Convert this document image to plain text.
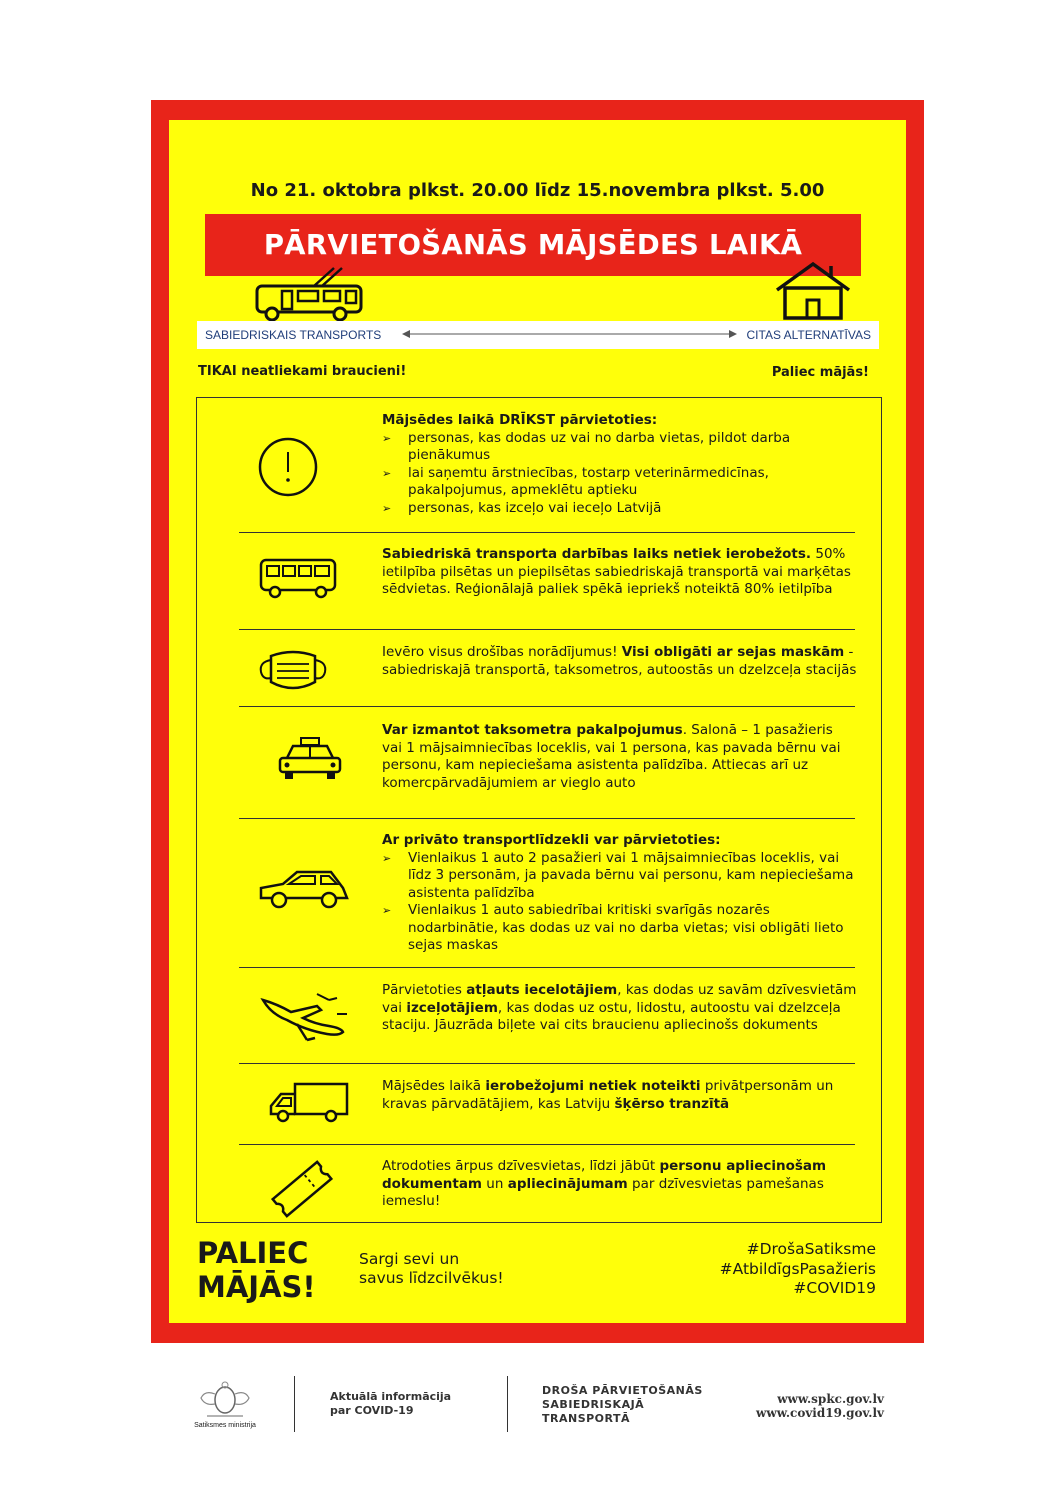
No 21. oktobra plkst. 20.00 līdz 15.novembra plkst. 5.00
PĀRVIETOŠANĀS MĀJSĒDES LAIKĀ
SABIEDRISKAIS TRANSPORTS	CITAS ALTERNATĪVAS
TIKAI neatliekami braucieni!	Paliec mājās!
Mājsēdes laikā DRĪKST pārvietoties:
➢ personas, kas dodas uz vai no darba vietas, pildot darba pienākumus
➢ lai saņemtu ārstniecības, tostarp veterinārmedicīnas, pakalpojumus, apmeklētu aptieku
➢ personas, kas izceļo vai ieceļo Latvijā
Sabiedriskā transporta darbības laiks netiek ierobežots. 50% ietilpība pilsētas un piepilsētas sabiedriskajā transportā vai marķētas sēdvietas. Reģionālajā paliek spēkā iepriekš noteiktā 80% ietilpība
Ievēro visus drošības norādījumus! Visi obligāti ar sejas maskām - sabiedriskajā transportā, taksometros, autoostās un dzelzceļa stacijās
Var izmantot taksometra pakalpojumus. Salonā – 1 pasažieris vai 1 mājsaimniecības loceklis, vai 1 persona, kas pavada bērnu vai personu, kam nepieciešama asistenta palīdzība. Attiecas arī uz komercpārvadājumiem ar vieglo auto
Ar privāto transportlīdzekli var pārvietoties:
➢ Vienlaikus 1 auto 2 pasažieri vai 1 mājsaimniecības loceklis, vai līdz 3 personām, ja pavada bērnu vai personu, kam nepieciešama asistenta palīdzība
➢ Vienlaikus 1 auto sabiedrībai kritiski svarīgās nozarēs nodarbinātie, kas dodas uz vai no darba vietas; visi obligāti lieto sejas maskas
Pārvietoties atļauts iecelotājiem, kas dodas uz savām dzīvesvietām vai izceļotājiem, kas dodas uz ostu, lidostu, autoostu vai dzelzceļa staciju. Jāuzrāda biļete vai cits braucienu apliecinošs dokuments
Mājsēdes laikā ierobežojumi netiek noteikti privātpersonām un kravas pārvadātājiem, kas Latviju šķērso tranzītā
Atrodoties ārpus dzīvesvietas, līdzi jābūt personu apliecinošam dokumentam un apliecinājumam par dzīvesvietas pamešanas iemeslu!
PALIEC
MĀJĀS!
Sargi sevi un
savus līdzcilvēkus!
#DrošaSatiksme
#AtbildīgsPasažieris
#COVID19
Satiksmes ministrija
Aktuālā informācija
par COVID-19
DROŠA PĀRVIETOŠANĀS
SABIEDRISKAJĀ
TRANSPORTĀ
www.spkc.gov.lv
www.covid19.gov.lv
